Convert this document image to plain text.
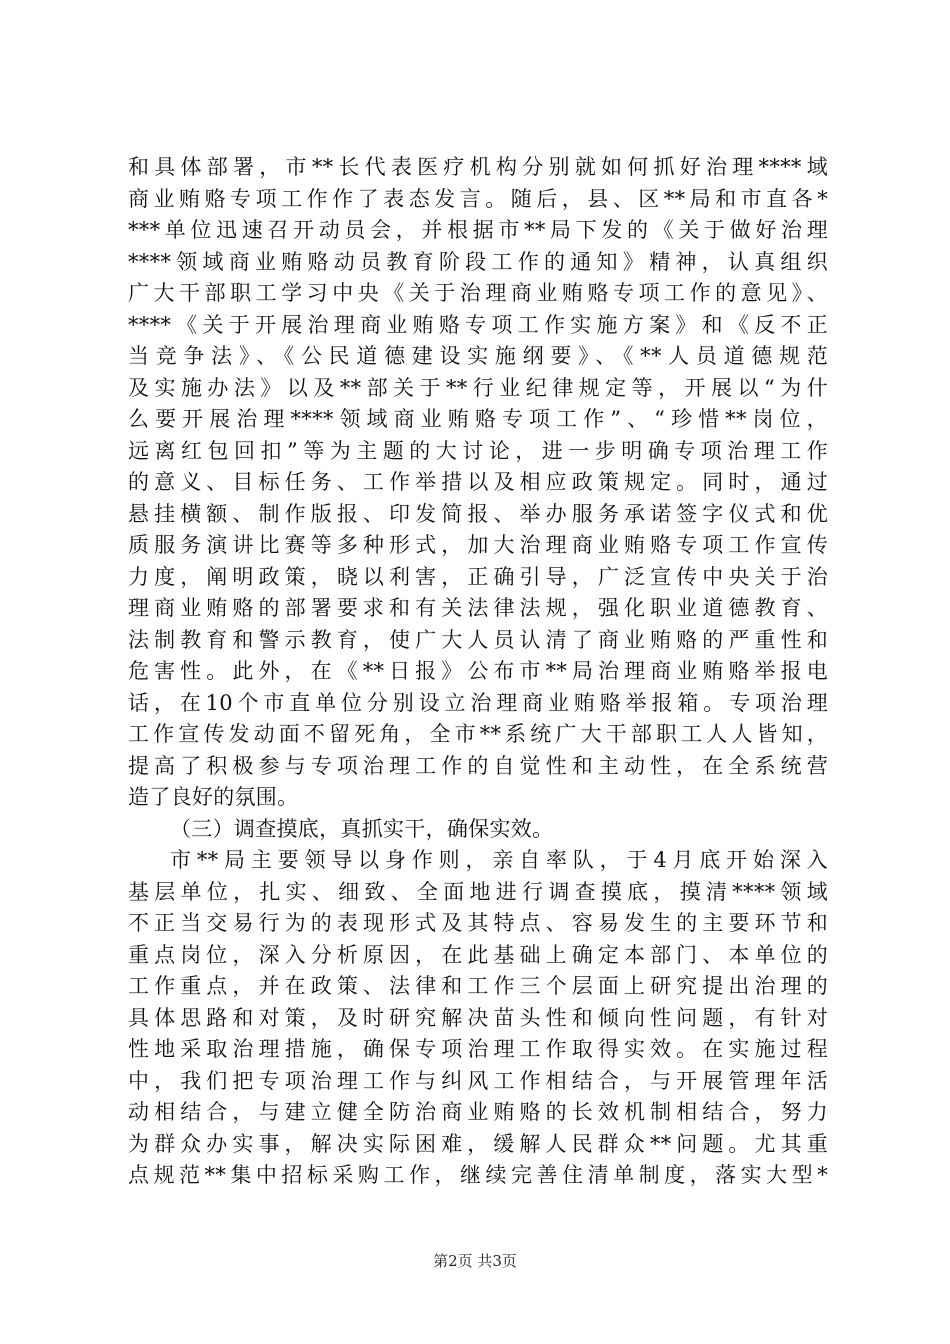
和具体部署，市**长代表医疗机构分别就如何抓好治理****域
商业贿赂专项工作作了表态发言。随后，县、区**局和市直各*
***单位迅速召开动员会，并根据市**局下发的《关于做好治理
****领域商业贿赂动员教育阶段工作的通知》精神，认真组织
广大干部职工学习中央《关于治理商业贿赂专项工作的意见》、
****《关于开展治理商业贿赂专项工作实施方案》和《反不正
当竞争法》、《公民道德建设实施纲要》、《**人员道德规范
及实施办法》以及**部关于**行业纪律规定等，开展以“为什
么要开展治理****领域商业贿赂专项工作”、“珍惜**岗位，
远离红包回扣”等为主题的大讨论，进一步明确专项治理工作
的意义、目标任务、工作举措以及相应政策规定。同时，通过
悬挂横额、制作版报、印发简报、举办服务承诺签字仪式和优
质服务演讲比赛等多种形式，加大治理商业贿赂专项工作宣传
力度，阐明政策，晓以利害，正确引导，广泛宣传中央关于治
理商业贿赂的部署要求和有关法律法规，强化职业道德教育、
法制教育和警示教育，使广大人员认清了商业贿赂的严重性和
危害性。此外，在《**日报》公布市**局治理商业贿赂举报电
话，在10个市直单位分别设立治理商业贿赂举报箱。专项治理
工作宣传发动面不留死角，全市**系统广大干部职工人人皆知，
提高了积极参与专项治理工作的自觉性和主动性，在全系统营
造了良好的氛围。
（三）调查摸底，真抓实干，确保实效。
市**局主要领导以身作则，亲自率队，于4月底开始深入
基层单位，扎实、细致、全面地进行调查摸底，摸清****领域
不正当交易行为的表现形式及其特点、容易发生的主要环节和
重点岗位，深入分析原因，在此基础上确定本部门、本单位的
工作重点，并在政策、法律和工作三个层面上研究提出治理的
具体思路和对策，及时研究解决苗头性和倾向性问题，有针对
性地采取治理措施，确保专项治理工作取得实效。在实施过程
中，我们把专项治理工作与纠风工作相结合，与开展管理年活
动相结合，与建立健全防治商业贿赂的长效机制相结合，努力
为群众办实事，解决实际困难，缓解人民群众**问题。尤其重
点规范**集中招标采购工作，继续完善住清单制度，落实大型*
第2页 共3页
